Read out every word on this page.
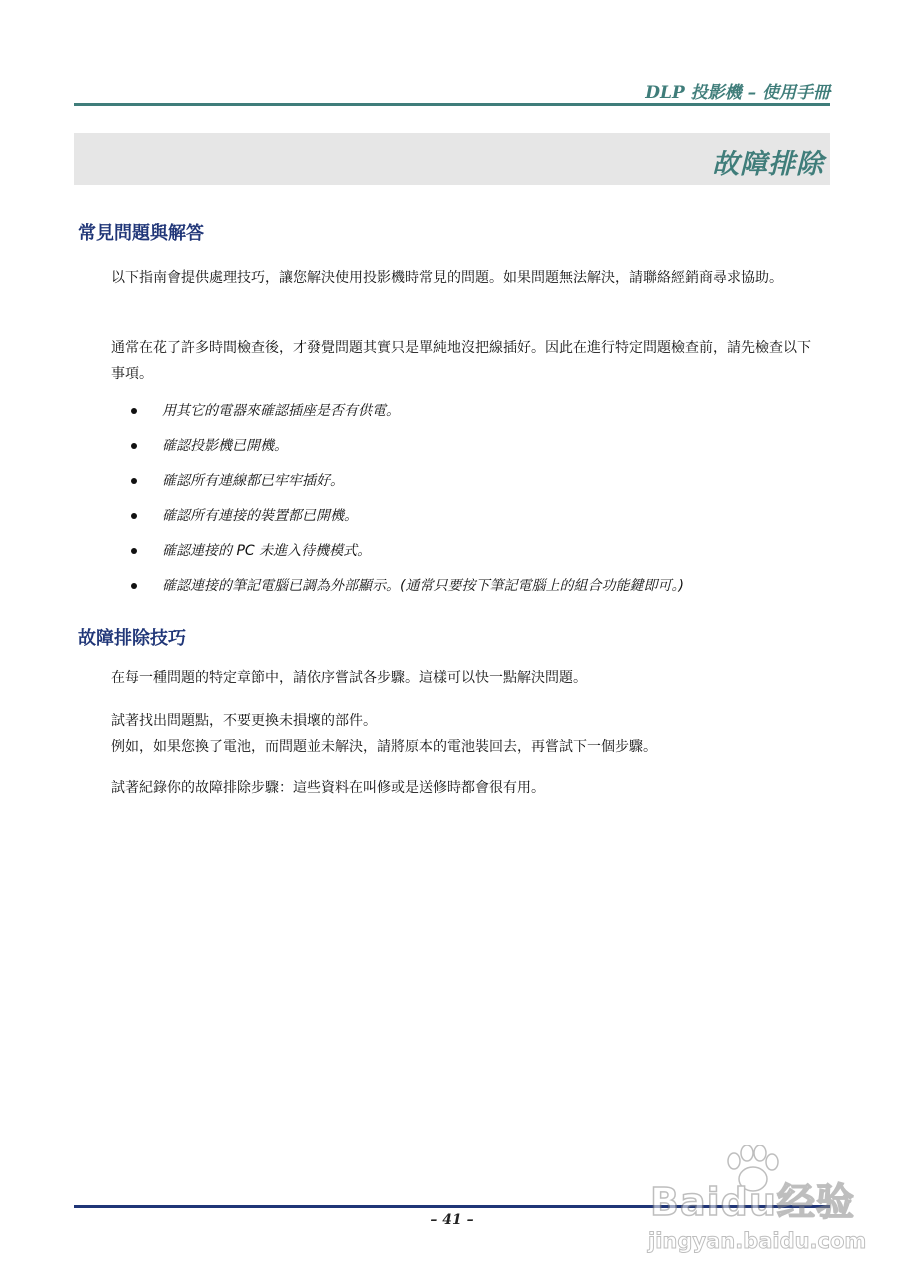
DLP 投影機 – 使用手冊
故障排除
常見問題與解答
以下指南會提供處理技巧，讓您解決使用投影機時常見的問題。如果問題無法解決，請聯絡經銷商尋求協助。
通常在花了許多時間檢查後，才發覺問題其實只是單純地沒把線插好。因此在進行特定問題檢查前，請先檢查以下事項。
用其它的電器來確認插座是否有供電。
確認投影機已開機。
確認所有連線都已牢牢插好。
確認所有連接的裝置都已開機。
確認連接的 PC 未進入待機模式。
確認連接的筆記電腦已調為外部顯示。(通常只要按下筆記電腦上的組合功能鍵即可。)
故障排除技巧
在每一種問題的特定章節中，請依序嘗試各步驟。這樣可以快一點解決問題。
試著找出問題點，不要更換未損壞的部件。
例如，如果您換了電池，而問題並未解決，請將原本的電池裝回去，再嘗試下一個步驟。
試著紀錄你的故障排除步驟：這些資料在叫修或是送修時都會很有用。
– 41 –	Baidu经验
jingyan.baidu.com
